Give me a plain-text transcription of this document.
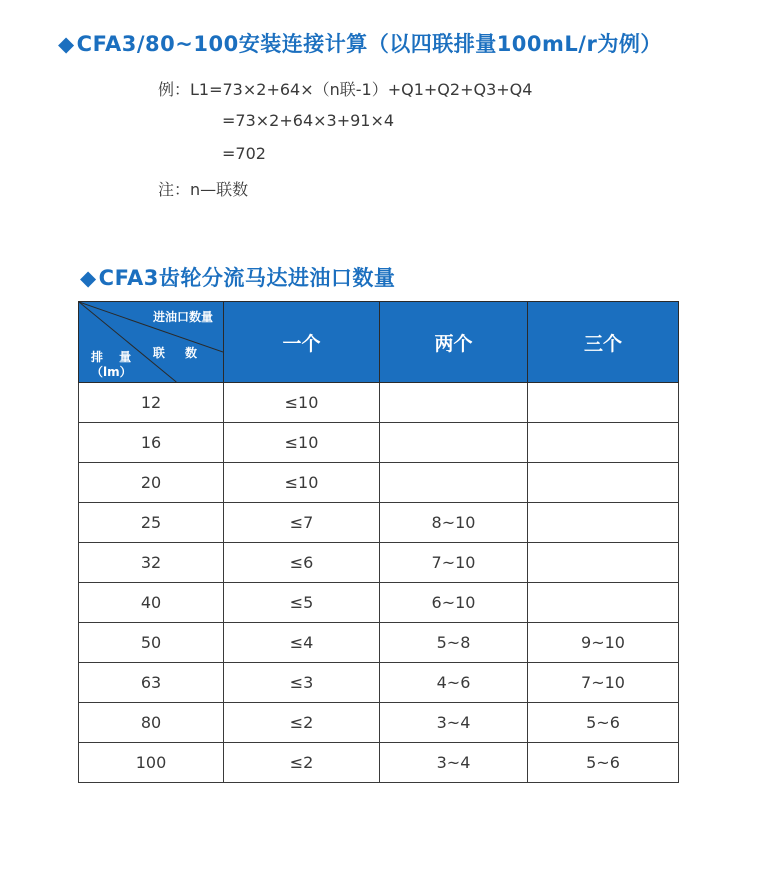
◆CFA3/80~100安装连接计算（以四联排量100mL/r为例）
例：L1=73×2+64×（n联-1）+Q1+Q2+Q3+Q4
=73×2+64×3+91×4
=702
注：n—联数
◆CFA3齿轮分流马达进油口数量
进油口数量
联 数
排 量
（lm）	一个	两个	三个
12	≤10		
16	≤10		
20	≤10		
25	≤7	8~10	
32	≤6	7~10	
40	≤5	6~10	
50	≤4	5~8	9~10
63	≤3	4~6	7~10
80	≤2	3~4	5~6
100	≤2	3~4	5~6
